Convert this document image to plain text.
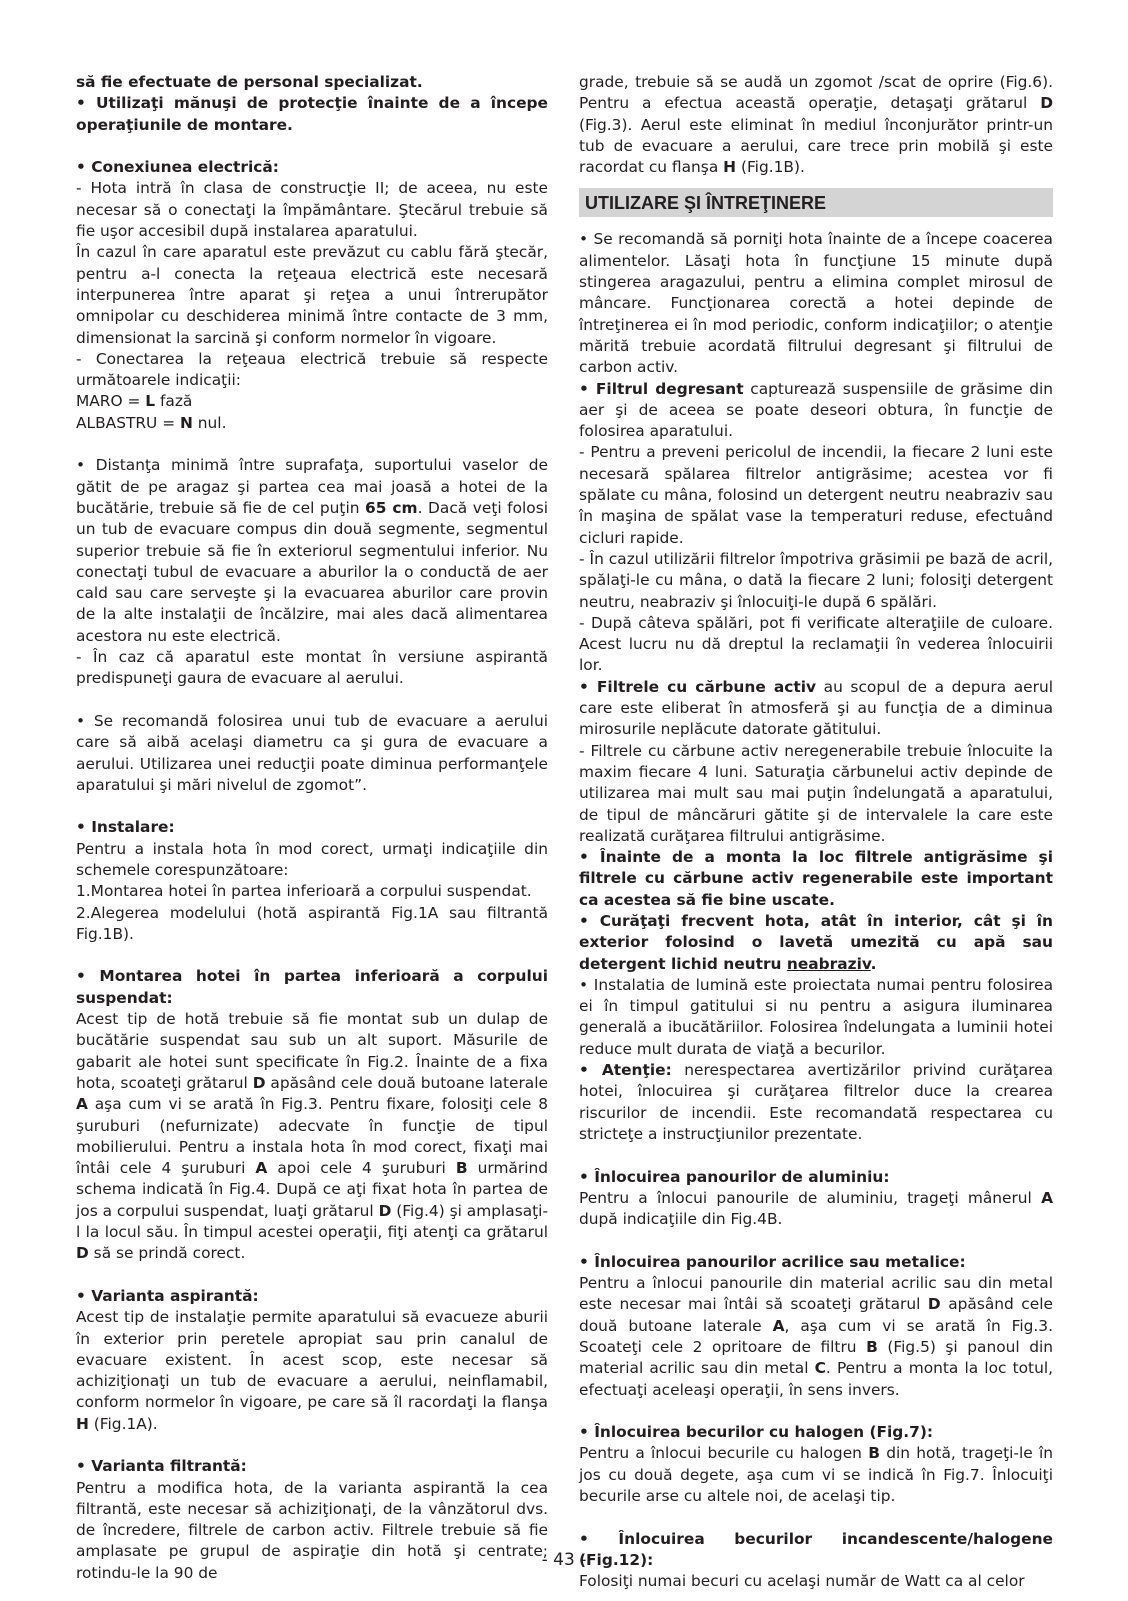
să fie efectuate de personal specializat.

• Utilizaţi mănuşi de protecţie înainte de a începe operaţiunile de montare.

• Conexiunea electrică:

- Hota intră în clasa de construcţie II; de aceea, nu este necesar să o conectaţi la împământare. Ştecărul trebuie să fie uşor accesibil după instalarea aparatului.

În cazul în care aparatul este prevăzut cu cablu fără ştecăr, pentru a-l conecta la reţeaua electrică este necesară interpunerea între aparat şi reţea a unui întrerupător omnipolar cu deschiderea minimă între contacte de 3 mm, dimensionat la sarcină şi conform normelor în vigoare.

- Conectarea la reţeaua electrică trebuie să respecte următoarele indicaţii:

MARO = L fază

ALBASTRU = N nul.

• Distanţa minimă între suprafaţa, suportului vaselor de gătit de pe aragaz şi partea cea mai joasă a hotei de la bucătărie, trebuie să fie de cel puţin 65 cm. Dacă veţi folosi un tub de evacuare compus din două segmente, segmentul superior trebuie să fie în exteriorul segmentului inferior. Nu conectaţi tubul de evacuare a aburilor la o conductă de aer cald sau care serveşte şi la evacuarea aburilor care provin de la alte instalaţii de încălzire, mai ales dacă alimentarea acestora nu este electrică.

- În caz că aparatul este montat în versiune aspirantă predispuneţi gaura de evacuare al aerului.

• Se recomandă folosirea unui tub de evacuare a aerului care să aibă acelaşi diametru ca şi gura de evacuare a aerului. Utilizarea unei reducţii poate diminua performanţele aparatului şi mări nivelul de zgomot”.

• Instalare:

Pentru a instala hota în mod corect, urmaţi indicaţiile din schemele corespunzătoare:

1.Montarea hotei în partea inferioară a corpului suspendat.

2.Alegerea modelului (hotă aspirantă Fig.1A sau filtrantă Fig.1B).

• Montarea hotei în partea inferioară a corpului suspendat:

Acest tip de hotă trebuie să fie montat sub un dulap de bucătărie suspendat sau sub un alt suport. Măsurile de gabarit ale hotei sunt specificate în Fig.2. Înainte de a fixa hota, scoateţi grătarul D apăsând cele două butoane laterale A aşa cum vi se arată în Fig.3. Pentru fixare, folosiţi cele 8 şuruburi (nefurnizate) adecvate în funcţie de tipul mobilierului. Pentru a instala hota în mod corect, fixaţi mai întâi cele 4 şuruburi A apoi cele 4 şuruburi B urmărind schema indicată în Fig.4. După ce aţi fixat hota în partea de jos a corpului suspendat, luaţi grătarul D (Fig.4) şi amplasaţi-l la locul său. În timpul acestei operaţii, fiţi atenţi ca grătarul D să se prindă corect.

• Varianta aspirantă:

Acest tip de instalaţie permite aparatului să evacueze aburii în exterior prin peretele apropiat sau prin canalul de evacuare existent. În acest scop, este necesar să achiziţionaţi un tub de evacuare a aerului, neinflamabil, conform normelor în vigoare, pe care să îl racordaţi la flanşa H (Fig.1A).

• Varianta filtrantă:

Pentru a modifica hota, de la varianta aspirantă la cea filtrantă, este necesar să achiziţionaţi, de la vânzătorul dvs. de încredere, filtrele de carbon activ. Filtrele trebuie să fie amplasate pe grupul de aspiraţie din hotă şi centrate; rotindu-le la 90 de

grade, trebuie să se audă un zgomot /scat de oprire (Fig.6). Pentru a efectua această operaţie, detaşaţi grătarul D (Fig.3). Aerul este eliminat în mediul înconjurător printr-un tub de evacuare a aerului, care trece prin mobilă şi este racordat cu flanşa H (Fig.1B).

UTILIZARE ŞI ÎNTREŢINERE

• Se recomandă să porniţi hota înainte de a începe coacerea alimentelor. Lăsaţi hota în funcţiune 15 minute după stingerea aragazului, pentru a elimina complet mirosul de mâncare. Funcţionarea corectă a hotei depinde de întreţinerea ei în mod periodic, conform indicaţiilor; o atenţie mărită trebuie acordată filtrului degresant şi filtrului de carbon activ.

• Filtrul degresant capturează suspensiile de grăsime din aer şi de aceea se poate deseori obtura, în funcţie de folosirea aparatului.

- Pentru a preveni pericolul de incendii, la fiecare 2 luni este necesară spălarea filtrelor antigrăsime; acestea vor fi spălate cu mâna, folosind un detergent neutru neabraziv sau în maşina de spălat vase la temperaturi reduse, efectuând cicluri rapide.

- În cazul utilizării filtrelor împotriva grăsimii pe bază de acril, spălaţi-le cu mâna, o dată la fiecare 2 luni; folosiţi detergent neutru, neabraziv şi înlocuiţi-le după 6 spălări.

- După câteva spălări, pot fi verificate alteraţiile de culoare. Acest lucru nu dă dreptul la reclamaţii în vederea înlocuirii lor.

• Filtrele cu cărbune activ au scopul de a depura aerul care este eliberat în atmosferă şi au funcţia de a diminua mirosurile neplăcute datorate gătitului.

- Filtrele cu cărbune activ neregenerabile trebuie înlocuite la maxim fiecare 4 luni. Saturaţia cărbunelui activ depinde de utilizarea mai mult sau mai puţin îndelungată a aparatului, de tipul de mâncăruri gătite şi de intervalele la care este realizată curăţarea filtrului antigrăsime.

• Înainte de a monta la loc filtrele antigrăsime şi filtrele cu cărbune activ regenerabile este important ca acestea să fie bine uscate.

• Curăţaţi frecvent hota, atât în interior, cât şi în exterior folosind o lavetă umezită cu apă sau detergent lichid neutru neabraziv.

• Instalatia de lumină este proiectata numai pentru folosirea ei în timpul gatitului si nu pentru a asigura iluminarea generală a ibucătăriilor. Folosirea îndelungata a luminii hotei reduce mult durata de viaţă a becurilor.

• Atenţie: nerespectarea avertizărilor privind curăţarea hotei, înlocuirea şi curăţarea filtrelor duce la crearea riscurilor de incendii. Este recomandată respectarea cu stricteţe a instrucţiunilor prezentate.

• Înlocuirea panourilor de aluminiu:

Pentru a înlocui panourile de aluminiu, trageţi mânerul A după indicaţiile din Fig.4B.

• Înlocuirea panourilor acrilice sau metalice:

Pentru a înlocui panourile din material acrilic sau din metal este necesar mai întâi să scoateţi grătarul D apăsând cele două butoane laterale A, aşa cum vi se arată în Fig.3. Scoateţi cele 2 opritoare de filtru B (Fig.5) şi panoul din material acrilic sau din metal C. Pentru a monta la loc totul, efectuaţi aceleaşi operaţii, în sens invers.

• Înlocuirea becurilor cu halogen (Fig.7):

Pentru a înlocui becurile cu halogen B din hotă, trageţi-le în jos cu două degete, aşa cum vi se indică în Fig.7. Înlocuiţi becurile arse cu altele noi, de acelaşi tip.

• Înlocuirea becurilor incandescente/halogene (Fig.12):

Folosiţi numai becuri cu acelaşi număr de Watt ca al celor

- 43 -
